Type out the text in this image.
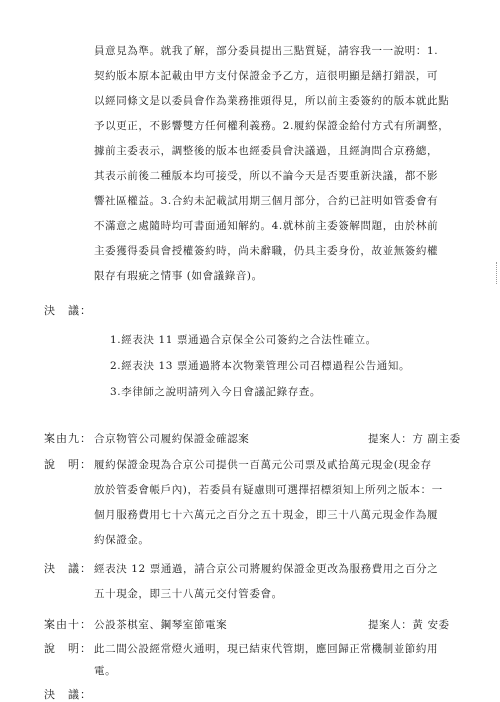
員意見為準。就我了解，部分委員提出三點質疑，請容我一一說明：1.
契約版本原本記載由甲方支付保證金予乙方，這很明顯是繕打錯誤，可
以經同條文是以委員會作為業務推頭得見，所以前主委簽約的版本就此點
予以更正，不影響雙方任何權利義務。2.履約保證金給付方式有所調整，
據前主委表示，調整後的版本也經委員會決議過，且經詢問合京務總，
其表示前後二種版本均可接受，所以不論今天是否要重新決議，都不影
響社區權益。3.合約未記載試用期三個月部分，合約已註明如管委會有
不滿意之處隨時均可書面通知解約。4.就林前主委簽解問題，由於林前
主委獲得委員會授權簽約時，尚未辭職，仍具主委身份，故並無簽約權
限存有瑕疵之情事 (如會議錄音)。
決　議：
1.經表決 11 票通過合京保全公司簽約之合法性確立。
2.經表決 13 票通過將本次物業管理公司召標過程公告通知。
3.李律師之說明請列入今日會議記錄存查。
案由九： 合京物管公司履約保證金確認案	提案人：方 副主委
說　明： 履約保證金現為合京公司提供一百萬元公司票及貳拾萬元現金(現金存
放於管委會帳戶內)，若委員有疑慮則可選擇招標須知上所列之版本：一
個月服務費用七十六萬元之百分之五十現金，即三十八萬元現金作為履
約保證金。
決　議： 經表決 12 票通過，請合京公司將履約保證金更改為服務費用之百分之
五十現金，即三十八萬元交付管委會。
案由十： 公設茶棋室、鋼琴室節電案	提案人：黃 安委
說　明： 此二間公設經常燈火通明，現已結束代管期，應回歸正常機制並節約用
電。
決　議：
